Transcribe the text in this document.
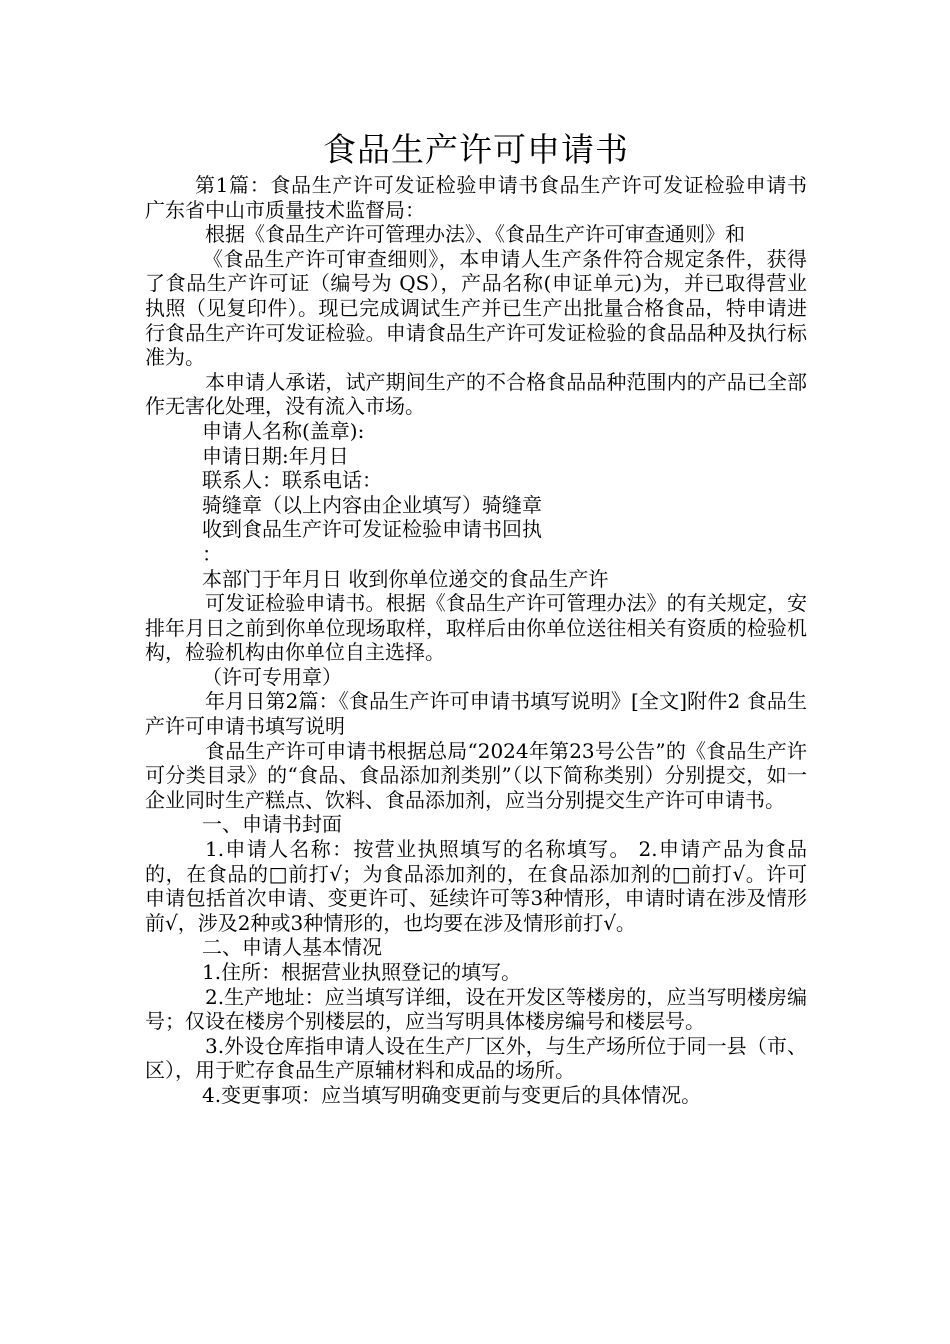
食品生产许可申请书

第1篇：食品生产许可发证检验申请书食品生产许可发证检验申请书 广东省中山市质量技术监督局：

根据《食品生产许可管理办法》、《食品生产许可审查通则》和

《食品生产许可审查细则》，本申请人生产条件符合规定条件，获得了食品生产许可证（编号为 QS），产品名称(申证单元)为，并已取得营业执照（见复印件）。现已完成调试生产并已生产出批量合格食品，特申请进行食品生产许可发证检验。申请食品生产许可发证检验的食品品种及执行标准为。

本申请人承诺，试产期间生产的不合格食品品种范围内的产品已全部作无害化处理，没有流入市场。

申请人名称(盖章):

申请日期:年月日

联系人：联系电话：

骑缝章（以上内容由企业填写）骑缝章

收到食品生产许可发证检验申请书回执

：

本部门于年月日 收到你单位递交的食品生产许

可发证检验申请书。根据《食品生产许可管理办法》的有关规定，安排年月日之前到你单位现场取样，取样后由你单位送往相关有资质的检验机构，检验机构由你单位自主选择。

（许可专用章）

年月日第2篇：《食品生产许可申请书填写说明》[全文]附件2 食品生产许可申请书填写说明

食品生产许可申请书根据总局“2024年第23号公告”的《食品生产许可分类目录》的“食品、食品添加剂类别”（以下简称类别）分别提交，如一企业同时生产糕点、饮料、食品添加剂，应当分别提交生产许可申请书。

一、申请书封面

1.申请人名称：按营业执照填写的名称填写。 2.申请产品为食品的，在食品的□前打√；为食品添加剂的，在食品添加剂的□前打√。许可申请包括首次申请、变更许可、延续许可等3种情形，申请时请在涉及情形前√，涉及2种或3种情形的，也均要在涉及情形前打√。

二、申请人基本情况

1.住所：根据营业执照登记的填写。

2.生产地址：应当填写详细，设在开发区等楼房的，应当写明楼房编号；仅设在楼房个别楼层的，应当写明具体楼房编号和楼层号。

3.外设仓库指申请人设在生产厂区外，与生产场所位于同一县（市、区），用于贮存食品生产原辅材料和成品的场所。

4.变更事项：应当填写明确变更前与变更后的具体情况。
